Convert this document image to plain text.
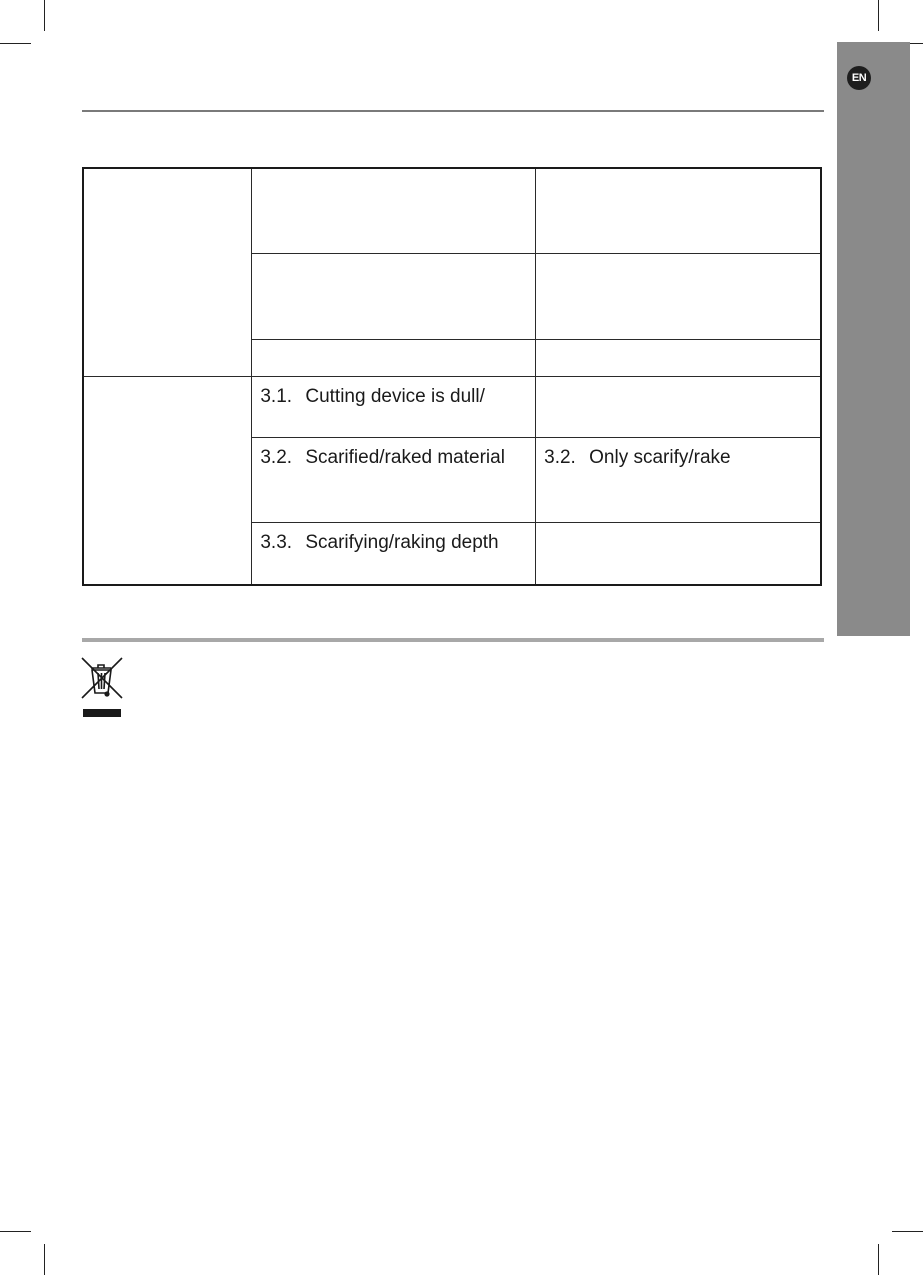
EN

	3.1. Cutting device is dull/	

	3.2. Scarified/raked material	3.2. Only scarify/rake

	3.3. Scarifying/raking depth	
